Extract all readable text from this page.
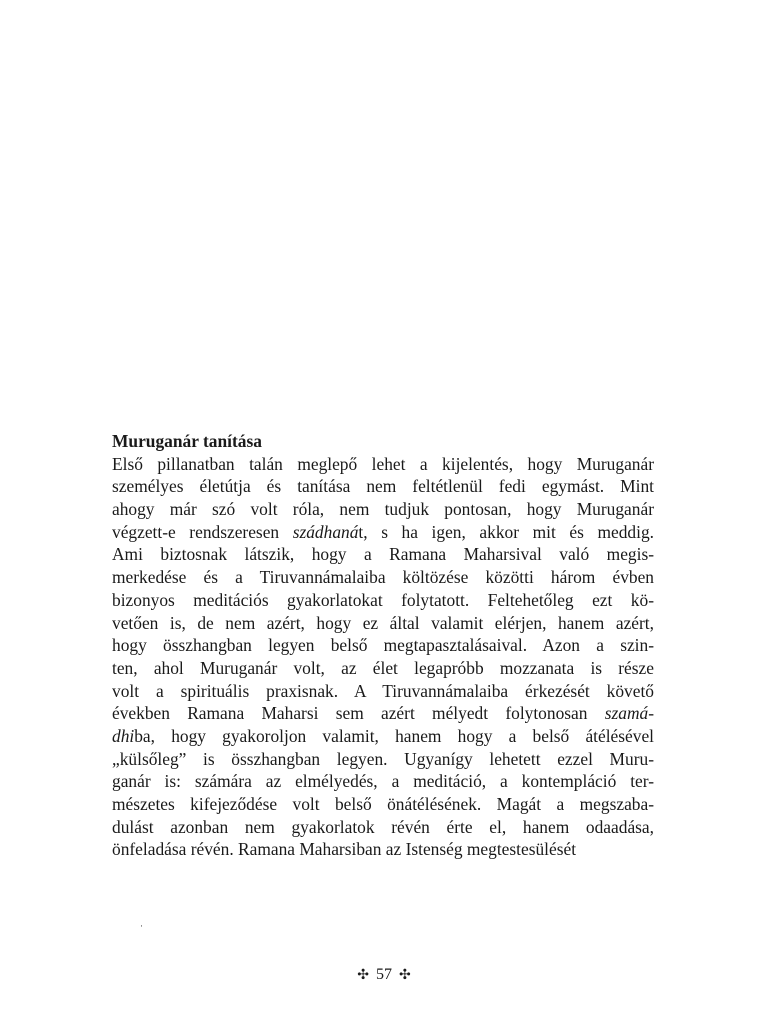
Muruganár tanítása
Első pillanatban talán meglepő lehet a kijelentés, hogy Muruganár
személyes életútja és tanítása nem feltétlenül fedi egymást. Mint
ahogy már szó volt róla, nem tudjuk pontosan, hogy Muruganár
végzett-e rendszeresen szádhanát, s ha igen, akkor mit és meddig.
Ami biztosnak látszik, hogy a Ramana Maharsival való megis-
merkedése és a Tiruvannámalaiba költözése közötti három évben
bizonyos meditációs gyakorlatokat folytatott. Feltehetőleg ezt kö-
vetően is, de nem azért, hogy ez által valamit elérjen, hanem azért,
hogy összhangban legyen belső megtapasztalásaival. Azon a szin-
ten, ahol Muruganár volt, az élet legapróbb mozzanata is része
volt a spirituális praxisnak. A Tiruvannámalaiba érkezését követő
években Ramana Maharsi sem azért mélyedt folytonosan szamá-
dhiba, hogy gyakoroljon valamit, hanem hogy a belső átélésével
„külsőleg” is összhangban legyen. Ugyanígy lehetett ezzel Muru-
ganár is: számára az elmélyedés, a meditáció, a kontempláció ter-
mészetes kifejeződése volt belső önátélésének. Magát a megszaba-
dulást azonban nem gyakorlatok révén érte el, hanem odaadása,
önfeladása révén. Ramana Maharsiban az Istenség megtestesülését
·
✣ 57 ✣
